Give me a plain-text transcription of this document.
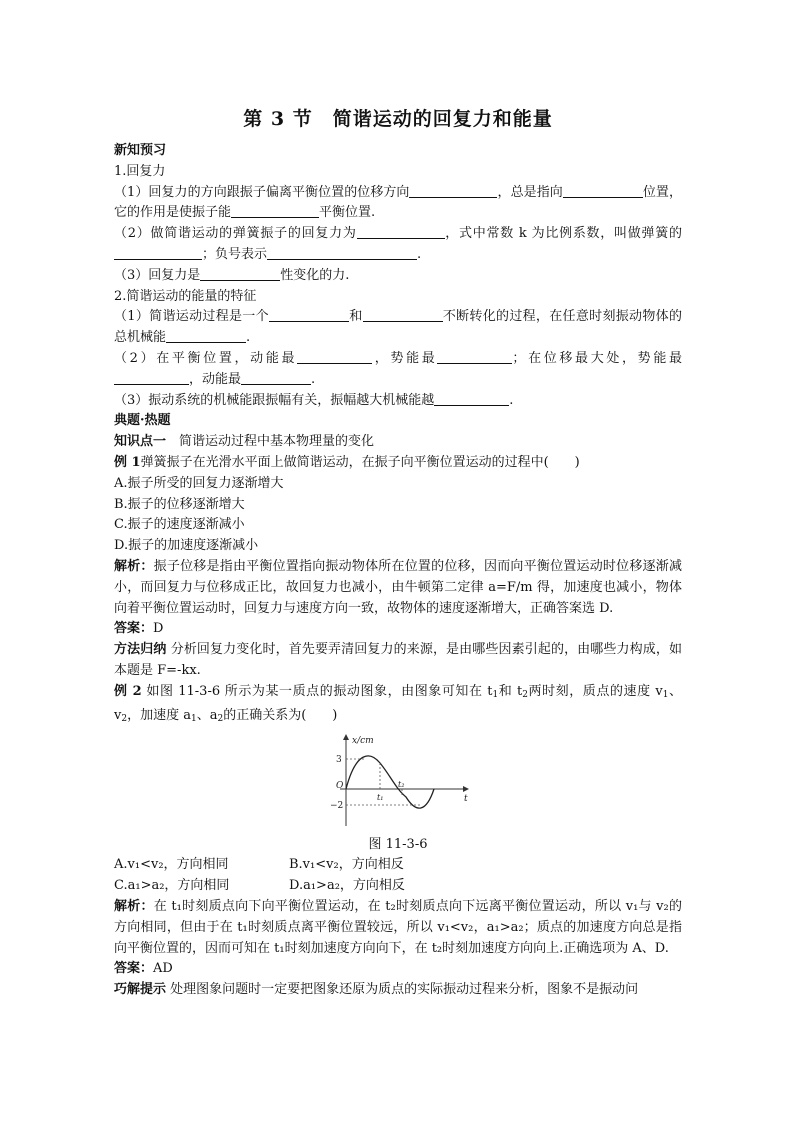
第 3 节　简谐运动的回复力和能量

新知预习

1.回复力

（1）回复力的方向跟振子偏离平衡位置的位移方向	，总是指向	位置，它的作用是使振子能	平衡位置.

（2）做简谐运动的弹簧振子的回复力为	，式中常数 k 为比例系数，叫做弹簧的；负号表示	.

（3）回复力是	性变化的力.

2.简谐运动的能量的特征

（1）简谐运动过程是一个	和	不断转化的过程，在任意时刻振动物体的总机械能	.

（2）在平衡位置，动能最	，势能最	；在位移最大处，势能最，动能最	.

（3）振动系统的机械能跟振幅有关，振幅越大机械能越	.

典题·热题

知识点一　 简谐运动过程中基本物理量的变化

例 1弹簧振子在光滑水平面上做简谐运动，在振子向平衡位置运动的过程中(　　)

A.振子所受的回复力逐渐增大

B.振子的位移逐渐增大

C.振子的速度逐渐减小

D.振子的加速度逐渐减小

解析：振子位移是指由平衡位置指向振动物体所在位置的位移，因而向平衡位置运动时位移逐渐减小，而回复力与位移成正比，故回复力也减小，由牛顿第二定律 a=F/m 得，加速度也减小，物体向着平衡位置运动时，回复力与速度方向一致，故物体的速度逐渐增大，正确答案选 D.

答案：D

方法归纳 分析回复力变化时，首先要弄清回复力的来源，是由哪些因素引起的，由哪些力构成，如本题是 F=-kx.

例 2 如图 11-3-6 所示为某一质点的振动图象，由图象可知在 $t_1$和 $t_2$两时刻，质点的速度 $v_1$、$v_2$，加速度 $a_1$、$a_2$的正确关系为(　　)

x/cm
3
−2
O
t
t₁
t₂
图 11-3-6
A.v₁<v₂，方向相同	B.v₁<v₂，方向相反
C.a₁>a₂，方向相同	D.a₁>a₂，方向相反

解析：在 t₁时刻质点向下向平衡位置运动，在 t₂时刻质点向下远离平衡位置运动，所以 v₁与 v₂的方向相同，但由于在 t₁时刻质点离平衡位置较远，所以 v₁<v₂，a₁>a₂；质点的加速度方向总是指向平衡位置的，因而可知在 t₁时刻加速度方向向下，在 t₂时刻加速度方向向上.正确选项为 A、D.

答案：AD

巧解提示 处理图象问题时一定要把图象还原为质点的实际振动过程来分析，图象不是振动问
